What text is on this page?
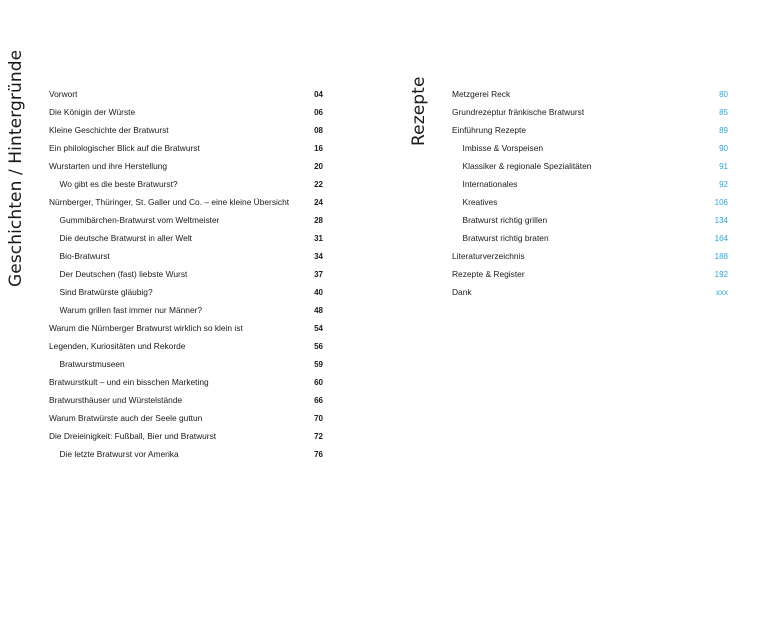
Geschichten / Hintergründe	Rezepte
Vorwort	04
Die Königin der Würste	06
Kleine Geschichte der Bratwurst	08
Ein philologischer Blick auf die Bratwurst	16
Wurstarten und ihre Herstellung	20
Wo gibt es die beste Bratwurst?	22
Nürnberger, Thüringer, St. Galler und Co. – eine kleine Übersicht	24
Gummibärchen-Bratwurst vom Weltmeister	28
Die deutsche Bratwurst in aller Welt	31
Bio-Bratwurst	34
Der Deutschen (fast) liebste Wurst	37
Sind Bratwürste gläubig?	40
Warum grillen fast immer nur Männer?	48
Warum die Nürnberger Bratwurst wirklich so klein ist	54
Legenden, Kuriositäten und Rekorde	56
Bratwurstmuseen	59
Bratwurstkult – und ein bisschen Marketing	60
Bratwursthäuser und Würstelstände	66
Warum Bratwürste auch der Seele guttun	70
Die Dreieinigkeit: Fußball, Bier und Bratwurst	72
Die letzte Bratwurst vor Amerika	76
Metzgerei Reck	80
Grundrezeptur fränkische Bratwurst	85
Einführung Rezepte	89
Imbisse & Vorspeisen	90
Klassiker & regionale Spezialitäten	91
Internationales	92
Kreatives	106
Bratwurst richtig grillen	134
Bratwurst richtig braten	164
Literaturverzeichnis	188
Rezepte & Register	192
Dank	xxx
